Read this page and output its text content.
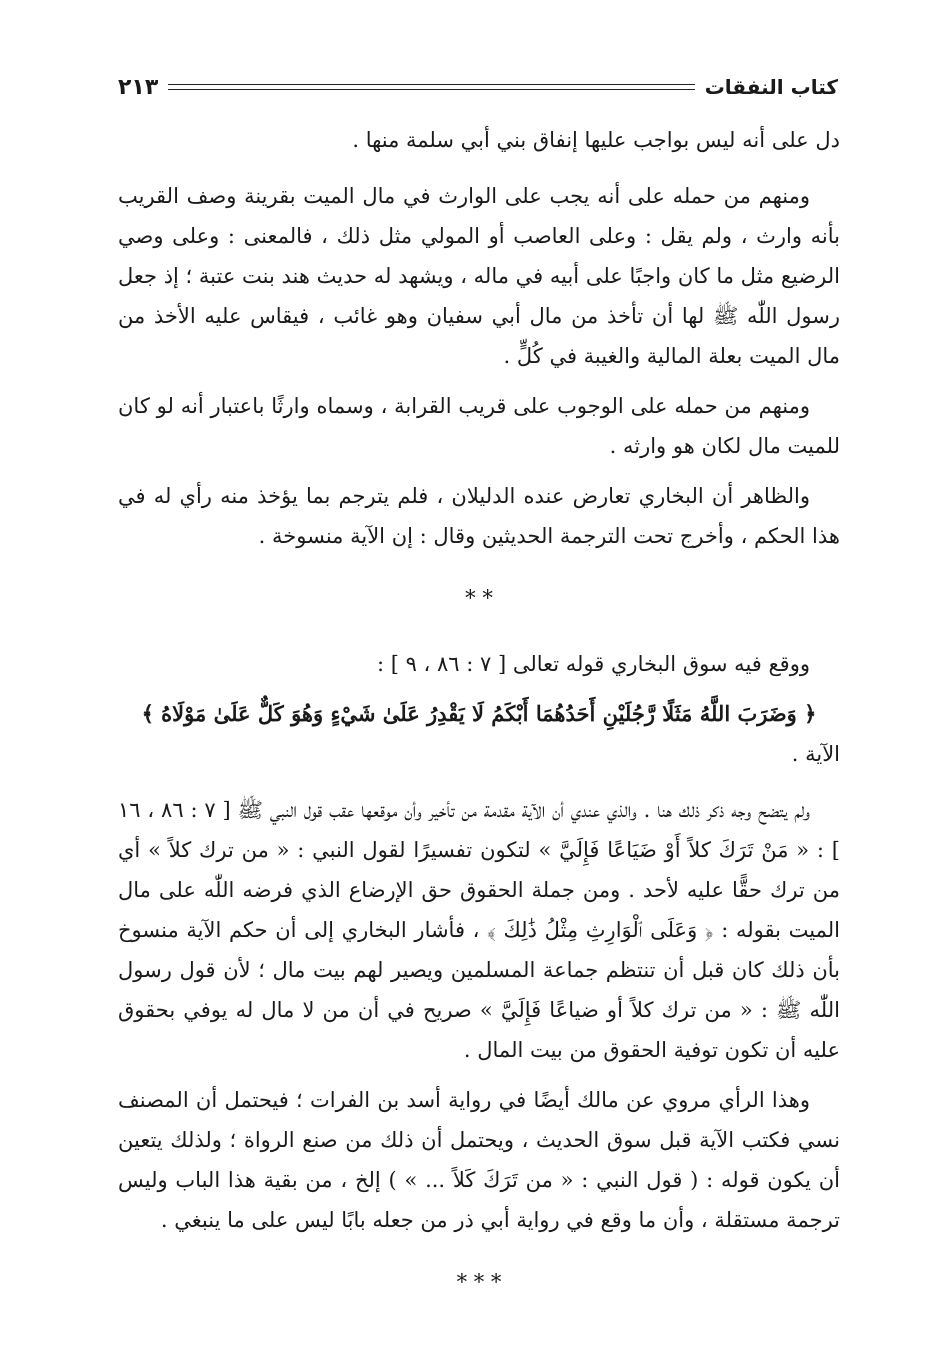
كتاب النفقات
٢١٣

دل على أنه ليس بواجب عليها إنفاق بني أبي سلمة منها .

ومنهم من حمله على أنه يجب على الوارث في مال الميت بقرينة وصف القريب بأنه وارث ، ولم يقل : وعلى العاصب أو المولي مثل ذلك ، فالمعنى : وعلى وصي الرضيع مثل ما كان واجبًا على أبيه في ماله ، ويشهد له حديث هند بنت عتبة ؛ إذ جعل رسول اللّٰه ﷺ لها أن تأخذ من مال أبي سفيان وهو غائب ، فيقاس عليه الأخذ من مال الميت بعلة المالية والغيبة في كُلٍّ .

ومنهم من حمله على الوجوب على قريب القرابة ، وسماه وارثًا باعتبار أنه لو كان للميت مال لكان هو وارثه .

والظاهر أن البخاري تعارض عنده الدليلان ، فلم يترجم بما يؤخذ منه رأي له في هذا الحكم ، وأخرج تحت الترجمة الحديثين وقال : إن الآية منسوخة .

* *

ووقع فيه سوق البخاري قوله تعالى [ ٧ : ٨٦ ، ٩ ] :

﴿ وَضَرَبَ اللَّهُ مَثَلًا رَّجُلَيْنِ أَحَدُهُمَا أَبْكَمُ لَا يَقْدِرُ عَلَىٰ شَيْءٍ وَهُوَ كَلٌّ عَلَىٰ مَوْلَاهُ ﴾

الآية .

ولم يتضح وجه ذكر ذلك هنا . والذي عندي أن الآية مقدمة من تأخير وأن موقعها عقب قول النبي ﷺ [ ٧ : ٨٦ ، ١٦ ] : « مَنْ تَرَكَ كلاً أَوْ ضَيَاعًا فَإِلَيَّ » لتكون تفسيرًا لقول النبي : « من ترك كلاً » أي من ترك حقًّا عليه لأحد . ومن جملة الحقوق حق الإرضاع الذي فرضه اللّٰه على مال الميت بقوله : ﴿ وَعَلَى ٱلْوَارِثِ مِثْلُ ذَٰلِكَ ﴾ ، فأشار البخاري إلى أن حكم الآية منسوخ بأن ذلك كان قبل أن تنتظم جماعة المسلمين ويصير لهم بيت مال ؛ لأن قول رسول اللّٰه ﷺ : « من ترك كلاً أو ضياعًا فَإِلَيَّ » صريح في أن من لا مال له يوفي بحقوق عليه أن تكون توفية الحقوق من بيت المال .

وهذا الرأي مروي عن مالك أيضًا في رواية أسد بن الفرات ؛ فيحتمل أن المصنف نسي فكتب الآية قبل سوق الحديث ، ويحتمل أن ذلك من صنع الرواة ؛ ولذلك يتعين أن يكون قوله : ( قول النبي : « من تَرَكَ كَلاً ... » ) إلخ ، من بقية هذا الباب وليس ترجمة مستقلة ، وأن ما وقع في رواية أبي ذر من جعله بابًا ليس على ما ينبغي .

* * *
